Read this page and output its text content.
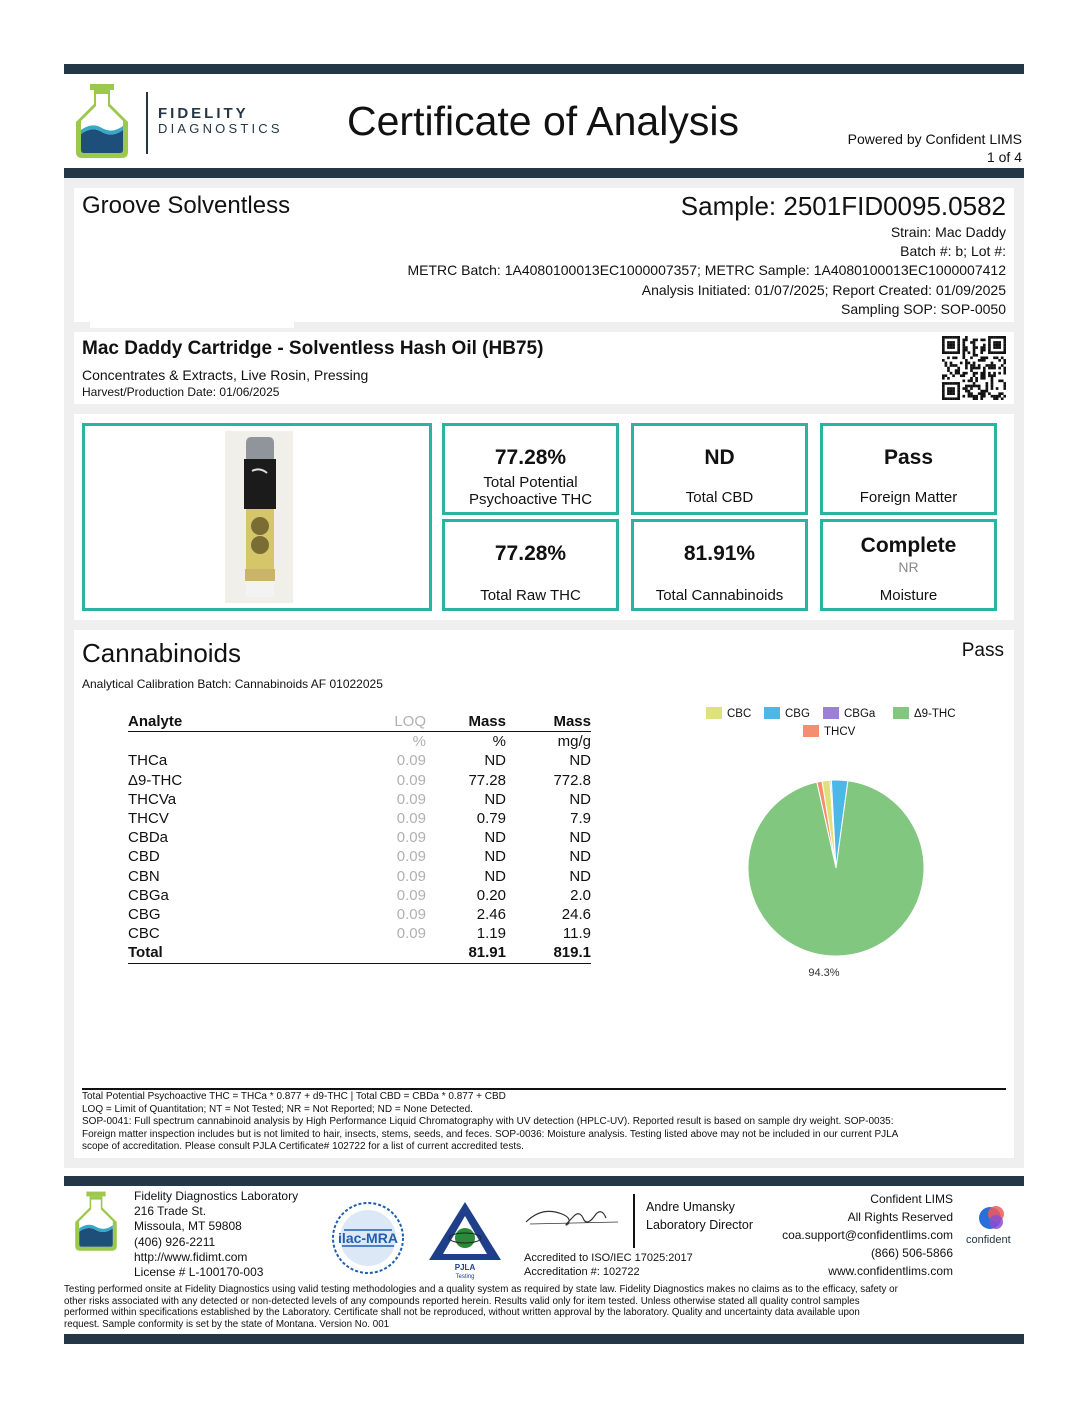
FIDELITY
DIAGNOSTICS Certificate of Analysis	Powered by Confident LIMS
1 of 4
Groove Solventless	Sample: 2501FID0095.0582
Strain: Mac Daddy
Batch #: b; Lot #:
METRC Batch: 1A4080100013EC1000007357; METRC Sample: 1A4080100013EC1000007412
Analysis Initiated: 01/07/2025; Report Created: 01/09/2025
Sampling SOP: SOP-0050
Mac Daddy Cartridge - Solventless Hash Oil (HB75)
Concentrates & Extracts, Live Rosin, Pressing
Harvest/Production Date: 01/06/2025
77.28%
Total Potential
Psychoactive THC
ND
Total CBD
Pass
Foreign Matter
77.28%
Total Raw THC
81.91%
Total Cannabinoids
Complete
NR
Moisture
Cannabinoids	Pass
Analytical Calibration Batch: Cannabinoids AF 01022025
Analyte	LOQ	Mass	Mass
	%	%	mg/g
THCa	0.09	ND	ND
Δ9-THC	0.09	77.28	772.8
THCVa	0.09	ND	ND
THCV	0.09	0.79	7.9
CBDa	0.09	ND	ND
CBD	0.09	ND	ND
CBN	0.09	ND	ND
CBGa	0.09	0.20	2.0
CBG	0.09	2.46	24.6
CBC	0.09	1.19	11.9
Total		81.91	819.1
CBC	CBG	CBGa	Δ9-THC
THCV
94.3%
Total Potential Psychoactive THC = THCa * 0.877 + d9-THC | Total CBD = CBDa * 0.877 + CBD
LOQ = Limit of Quantitation; NT = Not Tested; NR = Not Reported; ND = None Detected.
SOP-0041: Full spectrum cannabinoid analysis by High Performance Liquid Chromatography with UV detection (HPLC-UV). Reported result is based on sample dry weight. SOP-0035:
Foreign matter inspection includes but is not limited to hair, insects, stems, seeds, and feces. SOP-0036: Moisture analysis. Testing listed above may not be included in our current PJLA
scope of accreditation. Please consult PJLA Certificate# 102722 for a list of current accredited tests.
Fidelity Diagnostics Laboratory
216 Trade St.
Missoula, MT 59808
(406) 926-2211
http://www.fidimt.com
License # L-100170-003
ilac-MRA
PJLA
Testing
Andre Umansky
Laboratory Director
Accredited to ISO/IEC 17025:2017
Accreditation #: 102722
Confident LIMS
All Rights Reserved
coa.support@confidentlims.com
(866) 506-5866
www.confidentlims.com
confident
Testing performed onsite at Fidelity Diagnostics using valid testing methodologies and a quality system as required by state law. Fidelity Diagnostics makes no claims as to the efficacy, safety or
other risks associated with any detected or non-detected levels of any compounds reported herein. Results valid only for item tested. Unless otherwise stated all quality control samples
performed within specifications established by the Laboratory. Certificate shall not be reproduced, without written approval by the laboratory. Quality and uncertainty data available upon
request. Sample conformity is set by the state of Montana. Version No. 001
